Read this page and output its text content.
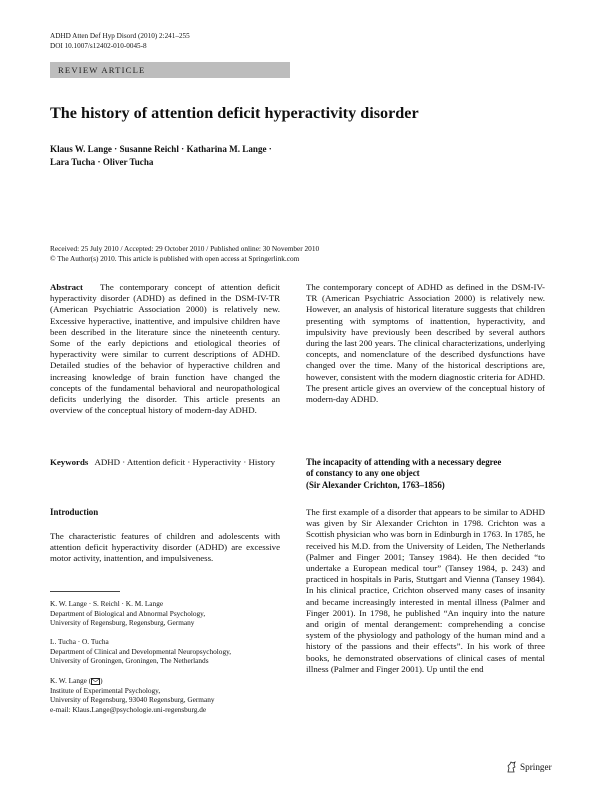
ADHD Atten Def Hyp Disord (2010) 2:241–255
DOI 10.1007/s12402-010-0045-8
REVIEW ARTICLE
The history of attention deficit hyperactivity disorder
Klaus W. Lange · Susanne Reichl · Katharina M. Lange ·
Lara Tucha · Oliver Tucha
Received: 25 July 2010 / Accepted: 29 October 2010 / Published online: 30 November 2010
© The Author(s) 2010. This article is published with open access at Springerlink.com
Abstract The contemporary concept of attention deficit hyperactivity disorder (ADHD) as defined in the DSM-IV-TR (American Psychiatric Association 2000) is relatively new. Excessive hyperactive, inattentive, and impulsive children have been described in the literature since the nineteenth century. Some of the early depictions and etiological theories of hyperactivity were similar to current descriptions of ADHD. Detailed studies of the behavior of hyperactive children and increasing knowledge of brain function have changed the concepts of the fundamental behavioral and neuropathological deficits underlying the disorder. This article presents an overview of the conceptual history of modern-day ADHD.
Keywords ADHD · Attention deficit · Hyperactivity · History
Introduction
The characteristic features of children and adolescents with attention deficit hyperactivity disorder (ADHD) are excessive motor activity, inattention, and impulsiveness.
K. W. Lange · S. Reichl · K. M. Lange
Department of Biological and Abnormal Psychology,
University of Regensburg, Regensburg, Germany
L. Tucha · O. Tucha
Department of Clinical and Developmental Neuropsychology,
University of Groningen, Groningen, The Netherlands
K. W. Lange ( )
Institute of Experimental Psychology,
University of Regensburg, 93040 Regensburg, Germany
e-mail: Klaus.Lange@psychologie.uni-regensburg.de
The contemporary concept of ADHD as defined in the DSM-IV-TR (American Psychiatric Association 2000) is relatively new. However, an analysis of historical literature suggests that children presenting with symptoms of inattention, hyperactivity, and impulsivity have previously been described by several authors during the last 200 years. The clinical characterizations, underlying concepts, and nomenclature of the described dysfunctions have changed over the time. Many of the historical descriptions are, however, consistent with the modern diagnostic criteria for ADHD. The present article gives an overview of the conceptual history of modern-day ADHD.
The incapacity of attending with a necessary degree
of constancy to any one object
(Sir Alexander Crichton, 1763–1856)
The first example of a disorder that appears to be similar to ADHD was given by Sir Alexander Crichton in 1798. Crichton was a Scottish physician who was born in Edinburgh in 1763. In 1785, he received his M.D. from the University of Leiden, The Netherlands (Palmer and Finger 2001; Tansey 1984). He then decided “to undertake a European medical tour” (Tansey 1984, p. 243) and practiced in hospitals in Paris, Stuttgart and Vienna (Tansey 1984). In his clinical practice, Crichton observed many cases of insanity and became increasingly interested in mental illness (Palmer and Finger 2001). In 1798, he published “An inquiry into the nature and origin of mental derangement: comprehending a concise system of the physiology and pathology of the human mind and a history of the passions and their effects”. In his work of three books, he demonstrated observations of clinical cases of mental illness (Palmer and Finger 2001). Up until the end
Springer
